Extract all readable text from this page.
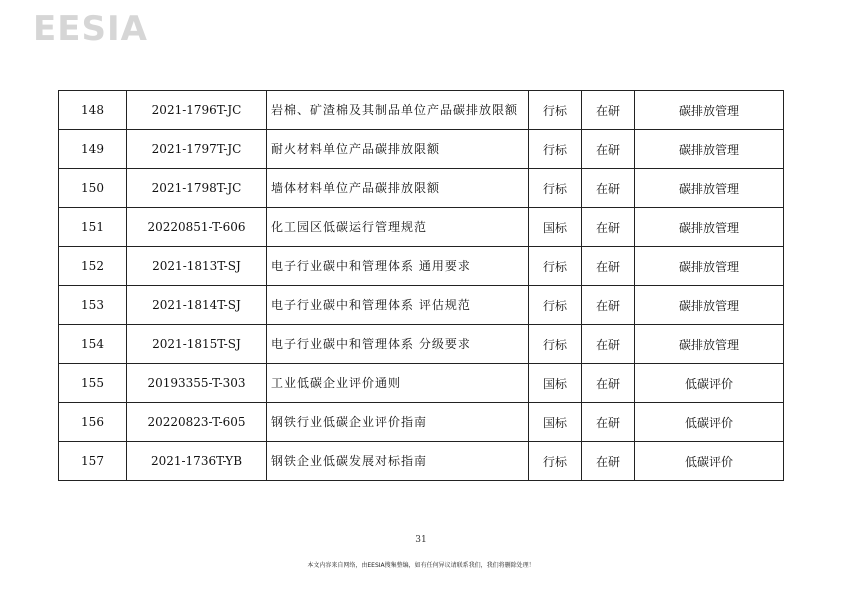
EESIA
148	2021-1796T-JC	岩棉、矿渣棉及其制品单位产品碳排放限额	行标	在研	碳排放管理
149	2021-1797T-JC	耐火材料单位产品碳排放限额	行标	在研	碳排放管理
150	2021-1798T-JC	墙体材料单位产品碳排放限额	行标	在研	碳排放管理
151	20220851-T-606	化工园区低碳运行管理规范	国标	在研	碳排放管理
152	2021-1813T-SJ	电子行业碳中和管理体系 通用要求	行标	在研	碳排放管理
153	2021-1814T-SJ	电子行业碳中和管理体系 评估规范	行标	在研	碳排放管理
154	2021-1815T-SJ	电子行业碳中和管理体系 分级要求	行标	在研	碳排放管理
155	20193355-T-303	工业低碳企业评价通则	国标	在研	低碳评价
156	20220823-T-605	钢铁行业低碳企业评价指南	国标	在研	低碳评价
157	2021-1736T-YB	钢铁企业低碳发展对标指南	行标	在研	低碳评价
31
本文内容来自网络，由EESIA搜集整编，如有任何异议请联系我们，我们将删除处理！
